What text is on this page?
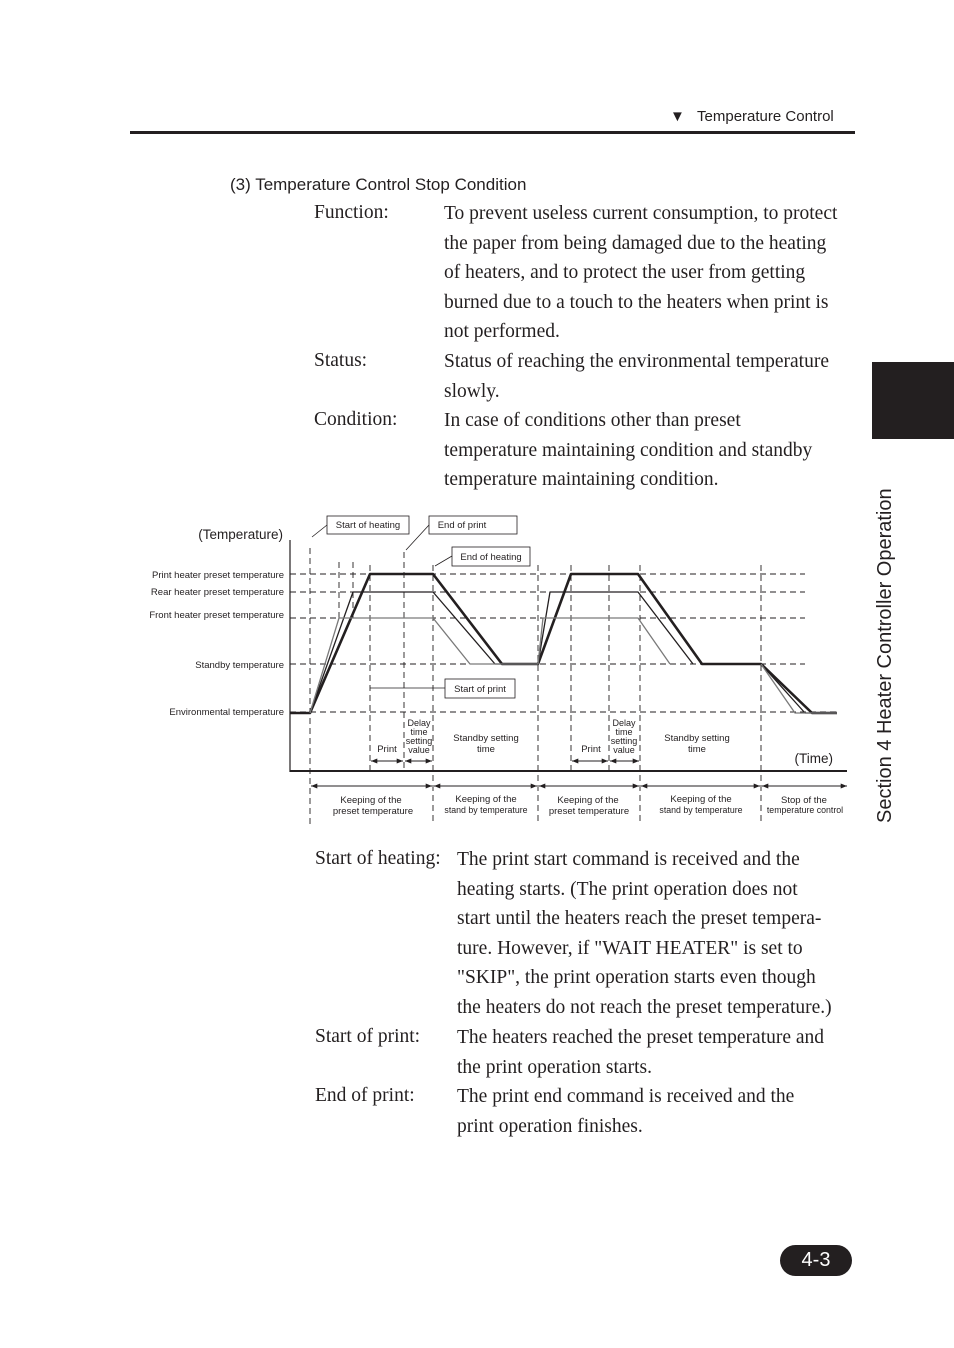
▼ Temperature Control
(3) Temperature Control Stop Condition
Function:	To prevent useless current consumption, to protect
the paper from being damaged due to the heating
of heaters, and to protect the user from getting
burned due to a touch to the heaters when print is
not performed.
Status:	Status of reaching the environmental temperature
slowly.
Condition: In case of conditions other than preset
temperature maintaining condition and standby
temperature maintaining condition.
Section 4 Heater Controller Operation
(Temperature)
(Time)
Print heater preset temperature
Rear heater preset temperature
Front heater preset temperature
Standby temperature
Environmental temperature
Start of heating	End of print
End of heating
Start of print
Print
Delay
time
setting
value
Standby setting
time	Print
Delay
time
setting
value
Standby setting
time
Keeping of the
preset temperature
Keeping of the
stand by temperature
Keeping of the
preset temperature
Keeping of the
stand by temperature
Stop of the
temperature control
Start of heating: The print start command is received and the
heating starts. (The print operation does not
start until the heaters reach the preset tempera-
ture. However, if "WAIT HEATER" is set to
"SKIP", the print operation starts even though
the heaters do not reach the preset temperature.)
Start of print: The heaters reached the preset temperature and
the print operation starts.
End of print: The print end command is received and the
print operation finishes.
4-3
